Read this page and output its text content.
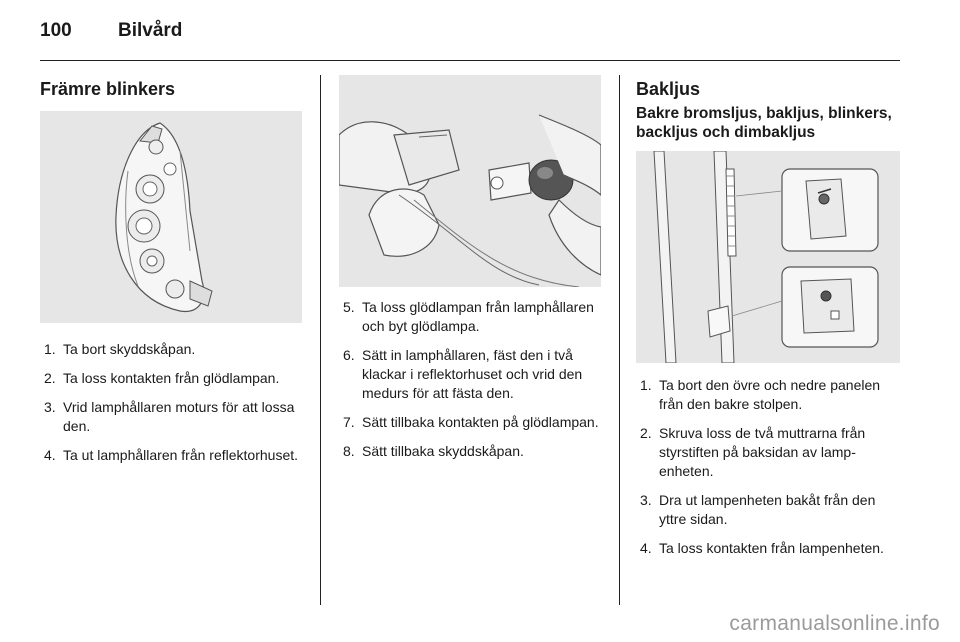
100 Bilvård
Främre blinkers
1. Ta bort skyddskåpan.
2. Ta loss kontakten från glödlampan.
3. Vrid lamphållaren moturs för att lossa den.
4. Ta ut lamphållaren från reflektorhuset.
5. Ta loss glödlampan från lamphållaren och byt glödlampa.
6. Sätt in lamphållaren, fäst den i två klackar i reflektorhuset och vrid den medurs för att fästa den.
7. Sätt tillbaka kontakten på glödlampan.
8. Sätt tillbaka skyddskåpan.
Bakljus
Bakre bromsljus, bakljus, blinkers, backljus och dimbakljus
1. Ta bort den övre och nedre panelen från den bakre stolpen.
2. Skruva loss de två muttrarna från styrstiften på baksidan av lampenheten.
3. Dra ut lampenheten bakåt från den yttre sidan.
4. Ta loss kontakten från lampenheten.
carmanualsonline.info
